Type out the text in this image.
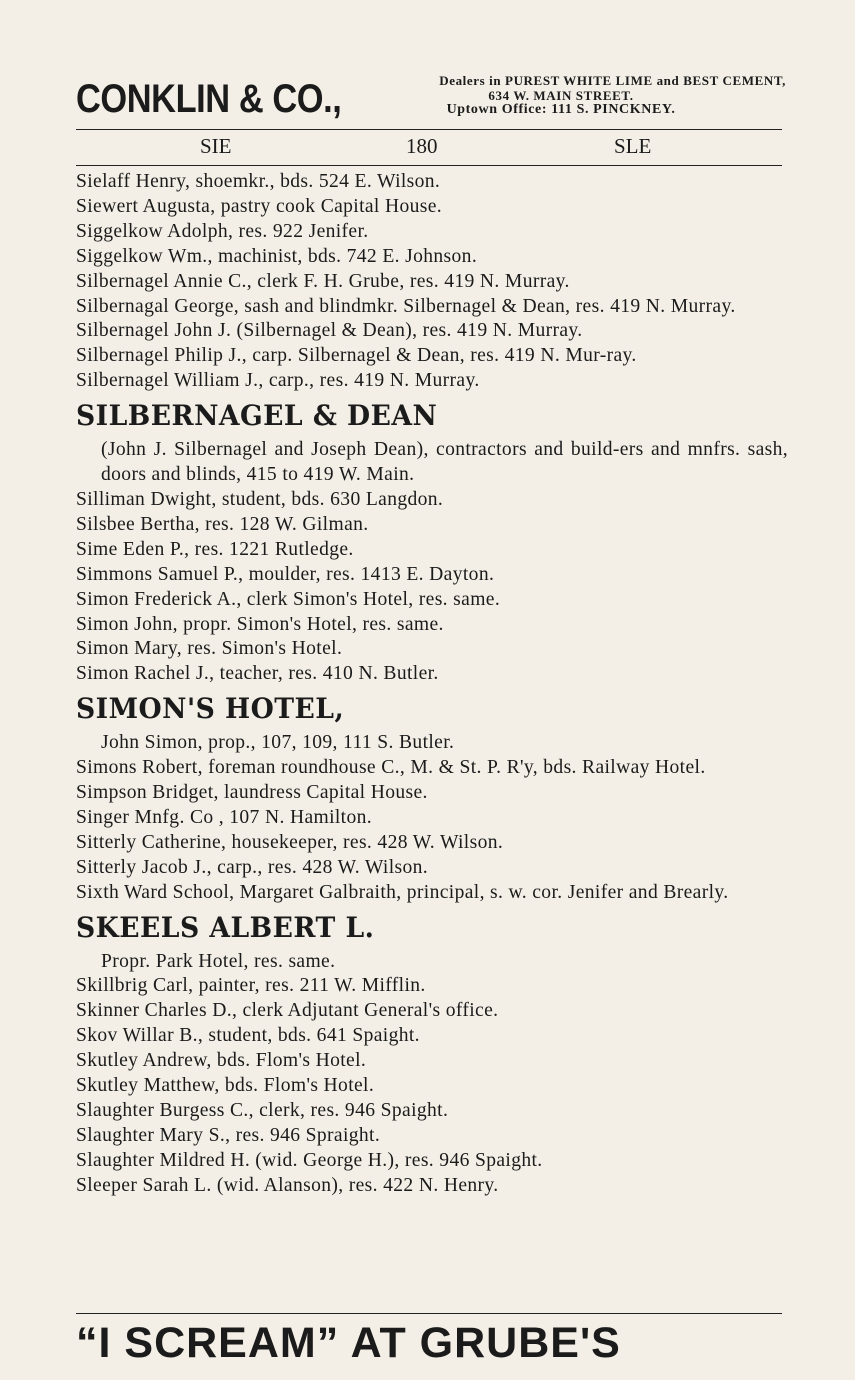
CONKLIN & CO.,	Dealers in PUREST WHITE LIME and BEST CEMENT,
634 W. MAIN STREET.
Uptown Office: 111 S. PINCKNEY.
SIE	180	SLE
Sielaff Henry, shoemkr., bds. 524 E. Wilson.
Siewert Augusta, pastry cook Capital House.
Siggelkow Adolph, res. 922 Jenifer.
Siggelkow Wm., machinist, bds. 742 E. Johnson.
Silbernagel Annie C., clerk F. H. Grube, res. 419 N. Murray.
Silbernagal George, sash and blindmkr. Silbernagel & Dean, res. 419 N. Murray.
Silbernagel John J. (Silbernagel & Dean), res. 419 N. Murray.
Silbernagel Philip J., carp. Silbernagel & Dean, res. 419 N. Mur-ray.
Silbernagel William J., carp., res. 419 N. Murray.
SILBERNAGEL & DEAN
(John J. Silbernagel and Joseph Dean), contractors and build-ers and mnfrs. sash, doors and blinds, 415 to 419 W. Main.
Silliman Dwight, student, bds. 630 Langdon.
Silsbee Bertha, res. 128 W. Gilman.
Sime Eden P., res. 1221 Rutledge.
Simmons Samuel P., moulder, res. 1413 E. Dayton.
Simon Frederick A., clerk Simon's Hotel, res. same.
Simon John, propr. Simon's Hotel, res. same.
Simon Mary, res. Simon's Hotel.
Simon Rachel J., teacher, res. 410 N. Butler.
SIMON'S HOTEL,
John Simon, prop., 107, 109, 111 S. Butler.
Simons Robert, foreman roundhouse C., M. & St. P. R'y, bds. Railway Hotel.
Simpson Bridget, laundress Capital House.
Singer Mnfg. Co , 107 N. Hamilton.
Sitterly Catherine, housekeeper, res. 428 W. Wilson.
Sitterly Jacob J., carp., res. 428 W. Wilson.
Sixth Ward School, Margaret Galbraith, principal, s. w. cor. Jenifer and Brearly.
SKEELS ALBERT L.
Propr. Park Hotel, res. same.
Skillbrig Carl, painter, res. 211 W. Mifflin.
Skinner Charles D., clerk Adjutant General's office.
Skov Willar B., student, bds. 641 Spaight.
Skutley Andrew, bds. Flom's Hotel.
Skutley Matthew, bds. Flom's Hotel.
Slaughter Burgess C., clerk, res. 946 Spaight.
Slaughter Mary S., res. 946 Spraight.
Slaughter Mildred H. (wid. George H.), res. 946 Spaight.
Sleeper Sarah L. (wid. Alanson), res. 422 N. Henry.
“I SCREAM” AT GRUBE'S
